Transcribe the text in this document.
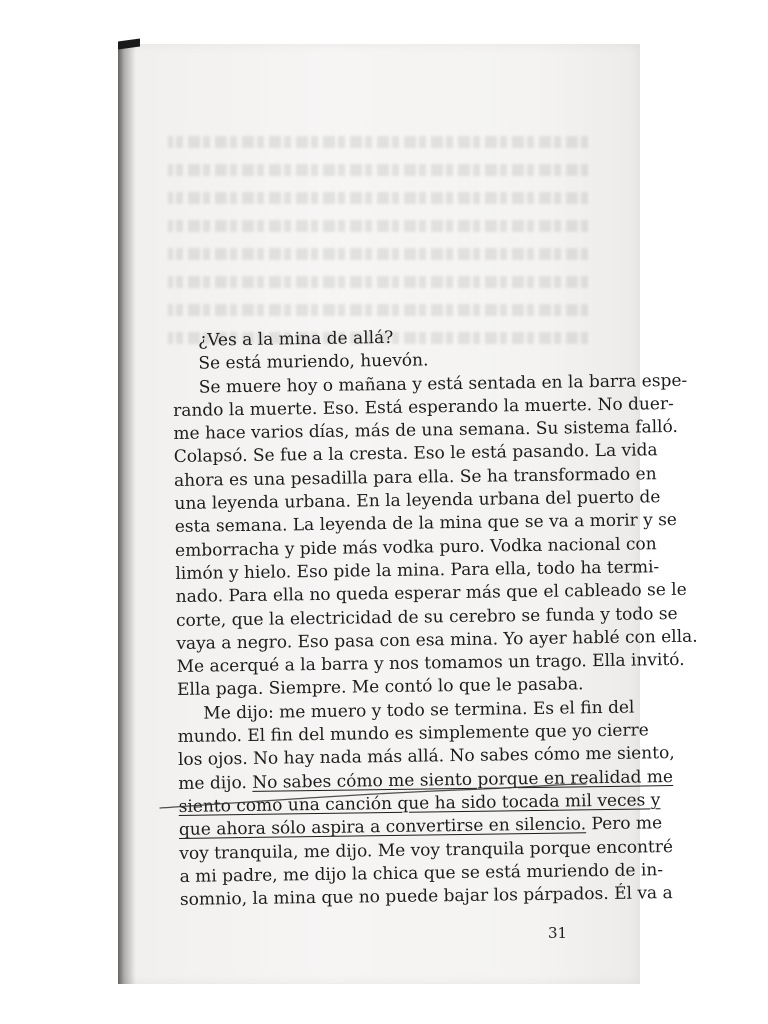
¿Ves a la mina de allá?
Se está muriendo, huevón.
Se muere hoy o mañana y está sentada en la barra espe-
rando la muerte. Eso. Está esperando la muerte. No duer-
me hace varios días, más de una semana. Su sistema falló.
Colapsó. Se fue a la cresta. Eso le está pasando. La vida
ahora es una pesadilla para ella. Se ha transformado en
una leyenda urbana. En la leyenda urbana del puerto de
esta semana. La leyenda de la mina que se va a morir y se
emborracha y pide más vodka puro. Vodka nacional con
limón y hielo. Eso pide la mina. Para ella, todo ha termi-
nado. Para ella no queda esperar más que el cableado se le
corte, que la electricidad de su cerebro se funda y todo se
vaya a negro. Eso pasa con esa mina. Yo ayer hablé con ella.
Me acerqué a la barra y nos tomamos un trago. Ella invitó.
Ella paga. Siempre. Me contó lo que le pasaba.
Me dijo: me muero y todo se termina. Es el fin del
mundo. El fin del mundo es simplemente que yo cierre
los ojos. No hay nada más allá. No sabes cómo me siento,
me dijo. No sabes cómo me siento porque en realidad me
siento como una canción que ha sido tocada mil veces y
que ahora sólo aspira a convertirse en silencio. Pero me
voy tranquila, me dijo. Me voy tranquila porque encontré
a mi padre, me dijo la chica que se está muriendo de in-
somnio, la mina que no puede bajar los párpados. Él va a
31
